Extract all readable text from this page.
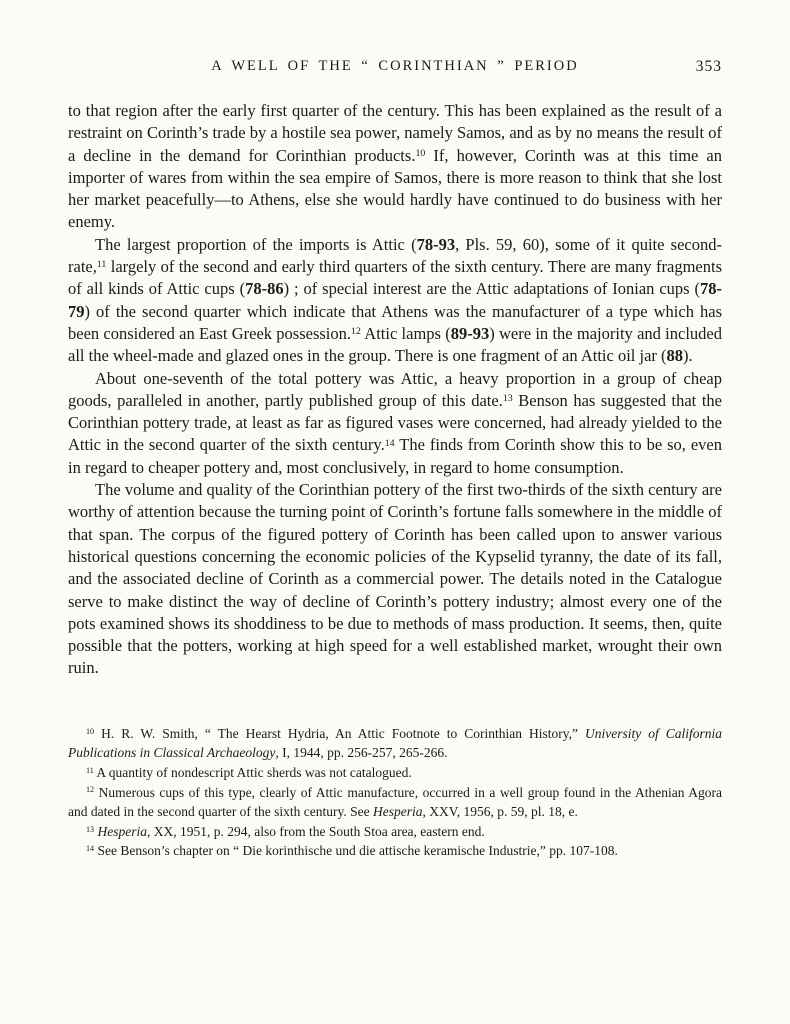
A WELL OF THE “ CORINTHIAN ” PERIOD	353

to that region after the early first quarter of the century. This has been explained as the result of a restraint on Corinth’s trade by a hostile sea power, namely Samos, and as by no means the result of a decline in the demand for Corinthian products.$^{10}$ If, however, Corinth was at this time an importer of wares from within the sea empire of Samos, there is more reason to think that she lost her market peacefully—to Athens, else she would hardly have continued to do business with her enemy.

The largest proportion of the imports is Attic (78-93, Pls. 59, 60), some of it quite second-rate,$^{11}$ largely of the second and early third quarters of the sixth century. There are many fragments of all kinds of Attic cups (78-86) ; of special interest are the Attic adaptations of Ionian cups (78-79) of the second quarter which indicate that Athens was the manufacturer of a type which has been considered an East Greek possession.$^{12}$ Attic lamps (89-93) were in the majority and included all the wheel-made and glazed ones in the group. There is one fragment of an Attic oil jar (88).

About one-seventh of the total pottery was Attic, a heavy proportion in a group of cheap goods, paralleled in another, partly published group of this date.$^{13}$ Benson has suggested that the Corinthian pottery trade, at least as far as figured vases were concerned, had already yielded to the Attic in the second quarter of the sixth century.$^{14}$ The finds from Corinth show this to be so, even in regard to cheaper pottery and, most conclusively, in regard to home consumption.

The volume and quality of the Corinthian pottery of the first two-thirds of the sixth century are worthy of attention because the turning point of Corinth’s fortune falls somewhere in the middle of that span. The corpus of the figured pottery of Corinth has been called upon to answer various historical questions concerning the economic policies of the Kypselid tyranny, the date of its fall, and the associated decline of Corinth as a commercial power. The details noted in the Catalogue serve to make distinct the way of decline of Corinth’s pottery industry; almost every one of the pots examined shows its shoddiness to be due to methods of mass production. It seems, then, quite possible that the potters, working at high speed for a well established market, wrought their own ruin.

$^{10}$ H. R. W. Smith, “ The Hearst Hydria, An Attic Footnote to Corinthian History,” University of California Publications in Classical Archaeology, I, 1944, pp. 256-257, 265-266.

$^{11}$ A quantity of nondescript Attic sherds was not catalogued.

$^{12}$ Numerous cups of this type, clearly of Attic manufacture, occurred in a well group found in the Athenian Agora and dated in the second quarter of the sixth century. See Hesperia, XXV, 1956, p. 59, pl. 18, e.

$^{13}$ Hesperia, XX, 1951, p. 294, also from the South Stoa area, eastern end.

$^{14}$ See Benson’s chapter on “ Die korinthische und die attische keramische Industrie,” pp. 107-108.
